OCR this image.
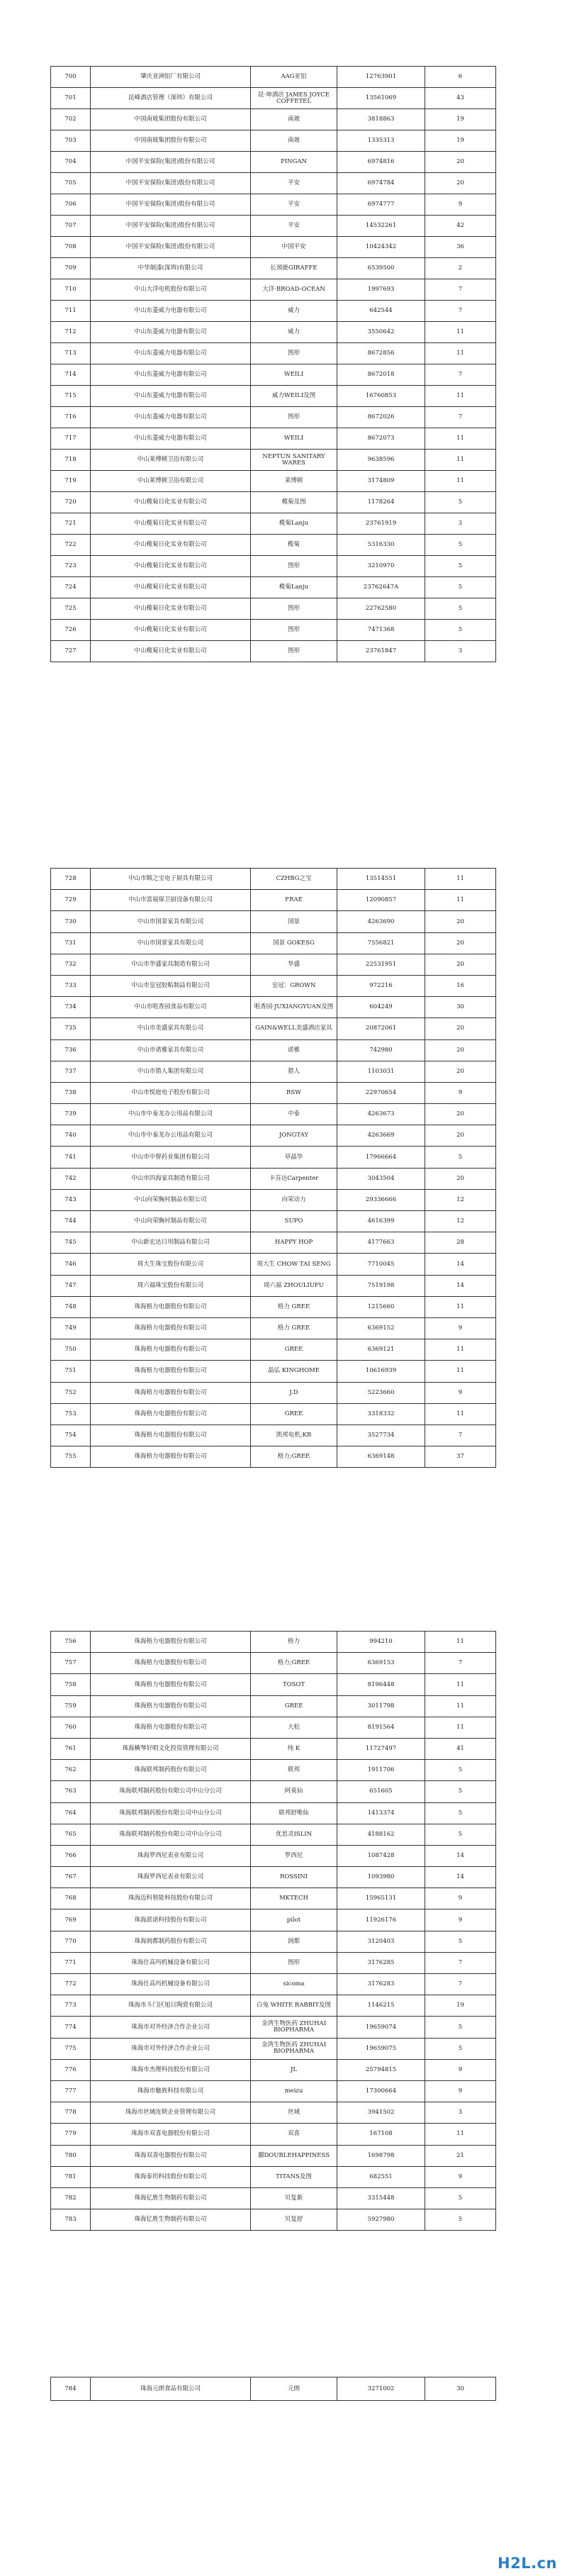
700	肇庆亚洲铝厂有限公司	AAG亚铝	12763901	6
701	昆峰酒店管理（深圳）有限公司	昆·坤酒店 JAMES JOYCE COFFETEL	13561069	43
702	中国南玻集团股份有限公司	南玻	3818863	19
703	中国南玻集团股份有限公司	南玻	1335313	19
704	中国平安保险(集团)股份有限公司	PINGAN	6974816	20
705	中国平安保险(集团)股份有限公司	平安	6974784	20
706	中国平安保险(集团)股份有限公司	平安	6974777	9
707	中国平安保险(集团)股份有限公司	平安	14532261	42
708	中国平安保险(集团)股份有限公司	中国平安	10424342	36
709	中华制漆(深圳)有限公司	长颈鹿GIRAFFE	6539500	2
710	中山大洋电机股份有限公司	大洋·BROAD-OCEAN	1997693	7
711	中山东菱威力电器有限公司	威力	642544	7
712	中山东菱威力电器有限公司	威力	3550642	11
713	中山东菱威力电器有限公司	图形	8672856	11
714	中山东菱威力电器有限公司	WEILI	8672018	7
715	中山东菱威力电器有限公司	威力WEILI及图	16760853	11
716	中山东菱威力电器有限公司	图形	8672026	7
717	中山东菱威力电器有限公司	WEILI	8672073	11
718	中山莱博顿卫浴有限公司	NEPTUN SANITARY WARES	9638596	11
719	中山莱博顿卫浴有限公司	莱博顿	3174809	11
720	中山榄菊日化实业有限公司	榄菊及图	1178264	5
721	中山榄菊日化实业有限公司	榄菊Lanju	23761919	3
722	中山榄菊日化实业有限公司	榄菊	5316330	5
723	中山榄菊日化实业有限公司	图形	3210970	5
724	中山榄菊日化实业有限公司	榄菊Lanju	23762647A	5
725	中山榄菊日化实业有限公司	图形	22762580	5
726	中山榄菊日化实业有限公司	图形	7471368	5
727	中山榄菊日化实业有限公司	图形	23761847	3
728	中山市顺之宝电子厨具有限公司	CZHBG之宝	13514551	11
729	中山市富福保卫厨设备有限公司	FRAE	12090857	11
730	中山市国景家具有限公司	国景	4263690	20
731	中山市国景家具有限公司	国景 GOKESG	7556821	20
732	中山市华盛家具制造有限公司	华盛	22531951	20
733	中山市皇冠胶粘制品有限公司	皇冠：GROWN	972216	16
734	中山市咀香园食品有限公司	咀香园·JUXIANGYUAN及图	604249	30
735	中山市美盛家具有限公司	GAIN&WELL美盛酒店家具	20872061	20
736	中山市诺雅家具有限公司	诺雅	742980	20
737	中山市猎人集团有限公司	猎人	1103031	20
738	中山市悦庭电子股份有限公司	RSW	22970654	9
739	中山市中泰龙办公用品有限公司	中泰	4263673	20
740	中山市中泰龙办公用品有限公司	JONGTAY	4263669	20
741	中山市中智药业集团有限公司	草晶华	17966664	5
742	中山市四海家具制造有限公司	卡芬达Carpenter	3043504	20
743	中山向荣胸衬制品有限公司	向荣动力	29336666	12
744	中山向荣胸衬制品有限公司	SUPO	4616399	12
745	中山新宏达日用制品有限公司	HAPPY HOP	4177663	28
746	周大生珠宝股份有限公司	周大生 CHOW TAI SENG	7710045	14
747	周六福珠宝股份有限公司	周六福 ZHOULIUFU	7519198	14
748	珠海格力电器股份有限公司	格力 GREE	1215660	11
749	珠海格力电器股份有限公司	格力 GREE	6369152	9
750	珠海格力电器股份有限公司	GREE	6369121	11
751	珠海格力电器股份有限公司	晶弘 KINGHOME	10616939	11
752	珠海格力电器股份有限公司	J.D	5223660	9
753	珠海格力电器股份有限公司	GREE	3318332	11
754	珠海格力电器股份有限公司	凯邦电机;KB	3527734	7
755	珠海格力电器股份有限公司	格力;GREE	6369148	37
756	珠海格力电器股份有限公司	格力	994210	11
757	珠海格力电器股份有限公司	格力;GREE	6369153	7
758	珠海格力电器股份有限公司	TOSOT	8196448	11
759	珠海格力电器股份有限公司	GREE	3011798	11
760	珠海格力电器股份有限公司	大松	8191564	11
761	珠海横琴好唱文化投资管理有限公司	纯 K	11727497	41
762	珠海联邦制药股份有限公司	联邦	1911706	5
763	珠海联邦制药股份有限公司中山分公司	阿莫仙	651605	5
764	珠海联邦制药股份有限公司中山分公司	联邦舒唯仙	1413374	5
765	珠海联邦制药股份有限公司中山分公司	优思灵ISLIN	4188162	5
766	珠海罗西尼表业有限公司	罗西尼	1087428	14
767	珠海罗西尼表业有限公司	ROSSINI	1093980	14
768	珠海迈科智能科技股份有限公司	MKTECH	15965131	9
769	珠海派诺科技股份有限公司	pilot	11926176	9
770	珠海润都制药股份有限公司	润都	3120403	5
771	珠海仕高玛机械设备有限公司	图形	3176285	7
772	珠海仕高玛机械设备有限公司	sicoma	3176283	7
773	珠海市斗门区旭日陶瓷有限公司	白兔 WHITE RABBIT及图	1146215	19
774	珠海市对外经济合作企业公司	金湾生物医药 ZHUHAI BIOPHARMA	19659074	5
775	珠海市对外经济合作企业公司	金湾生物医药 ZHUHAI BIOPHARMA	19659075	5
776	珠海市杰理科技股份有限公司	JL	25794815	9
777	珠海市魅族科技有限公司	meizu	17300664	9
778	珠海市丝域连锁企业管理有限公司	丝域	3941502	3
779	珠海市双喜电器股份有限公司	双喜	167108	11
780	珠海双喜电器股份有限公司	囍DOUBLEHAPPINESS	1698798	21
781	珠海泰坦科技股份有限公司	TITANS及图	682551	9
782	珠海亿胜生物制药有限公司	贝复新	3315448	5
783	珠海亿胜生物制药有限公司	贝复舒	5927980	5
784	珠海元朗食品有限公司	元朗	3271002	30
H2L.cn
